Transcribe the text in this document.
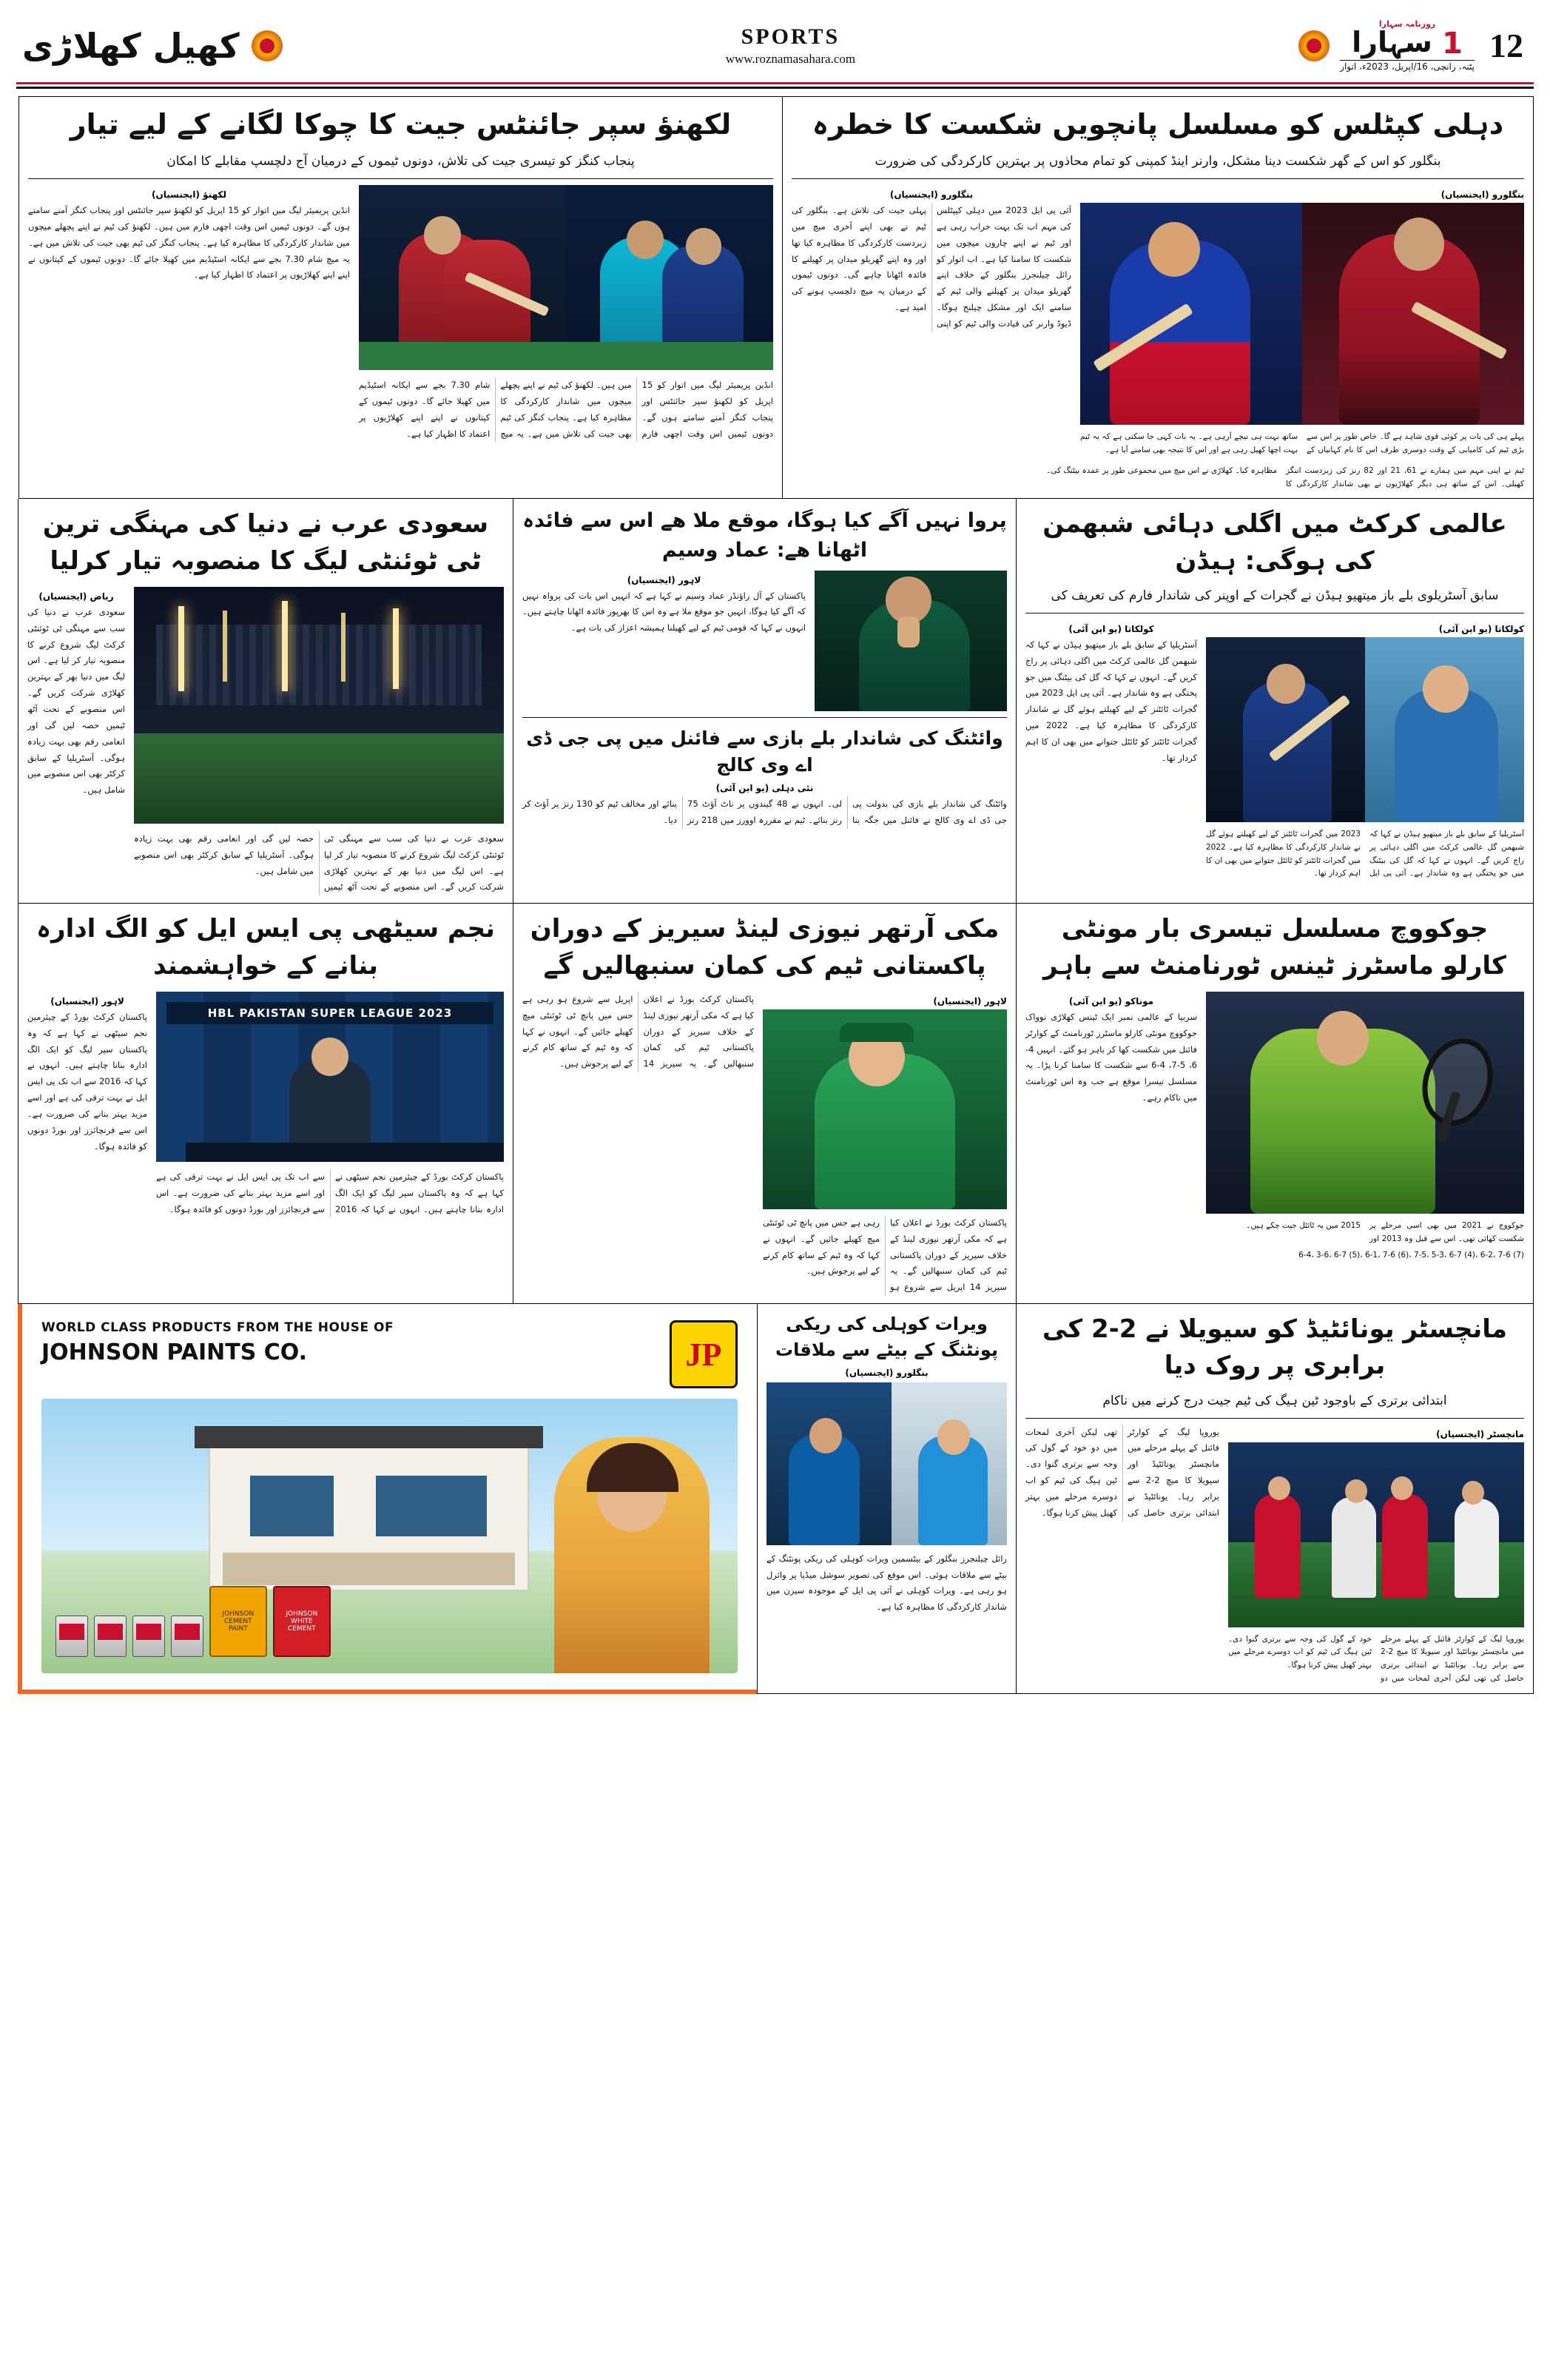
12
روزنامہ سہارا
1 سہارا
پٹنہ، رانچی، 16/اپریل، 2023ء، اتوار
SPORTS
www.roznamasahara.com
کھیل کھلاڑی
دہلی کپٹلس کو مسلسل پانچویں شکست کا خطرہ
بنگلور کو اس کے گھر شکست دینا مشکل، وارنر اینڈ کمپنی کو تمام محاذوں پر بہترین کارکردگی کی ضرورت
بنگلورو (ایجنسیاں)
پہلے ہی کی بات پر کوئی قوی شاہد ہے گا۔ خاص طور پر اس سے بڑی ٹیم کی کامیابی کے وقت دوسری طرف اس کا نام کہانیاں کے ساتھ بہت ہی نیچے آرہی ہے۔ یہ بات کہی جا سکتی ہے کہ یہ ٹیم بہت اچھا کھیل رہی ہے اور اس کا نتیجہ بھی سامنے آیا ہے۔
بنگلورو (ایجنسیاں)
آئی پی ایل 2023 میں دہلی کیپٹلس کی مہم اب تک بہت خراب رہی ہے اور ٹیم نے اپنے چاروں میچوں میں شکست کا سامنا کیا ہے۔ اب اتوار کو رائل چیلنجرز بنگلور کے خلاف اپنے گھریلو میدان پر کھیلنے والی ٹیم کے سامنے ایک اور مشکل چیلنج ہوگا۔ ڈیوڈ وارنر کی قیادت والی ٹیم کو اپنی پہلی جیت کی تلاش ہے۔ بنگلور کی ٹیم نے بھی اپنے آخری میچ میں زبردست کارکردگی کا مظاہرہ کیا تھا اور وہ اپنے گھریلو میدان پر کھیلنے کا فائدہ اٹھانا چاہے گی۔ دونوں ٹیموں کے درمیان یہ میچ دلچسپ ہونے کی امید ہے۔
ٹیم نے اپنی مہم میں ہمارے نے 61، 21 اور 82 رنز کی زبردست اننگز کھیلی۔ اس کے ساتھ ہی دیگر کھلاڑیوں نے بھی شاندار کارکردگی کا مظاہرہ کیا۔ کھلاڑی نے اس میچ میں مجموعی طور پر عمدہ بیٹنگ کی۔
لکھنؤ سپر جائنٹس جیت کا چوکا لگانے کے لیے تیار
پنجاب کنگز کو تیسری جیت کی تلاش، دونوں ٹیموں کے درمیان آج دلچسپ مقابلے کا امکان
انڈین پریمیئر لیگ میں اتوار کو 15 اپریل کو لکھنؤ سپر جائنٹس اور پنجاب کنگز آمنے سامنے ہوں گے۔ دونوں ٹیمیں اس وقت اچھی فارم میں ہیں۔ لکھنؤ کی ٹیم نے اپنے پچھلے میچوں میں شاندار کارکردگی کا مظاہرہ کیا ہے۔ پنجاب کنگز کی ٹیم بھی جیت کی تلاش میں ہے۔ یہ میچ شام 7.30 بجے سے ایکانہ اسٹیڈیم میں کھیلا جائے گا۔ دونوں ٹیموں کے کپتانوں نے اپنے اپنے کھلاڑیوں پر اعتماد کا اظہار کیا ہے۔
لکھنؤ (ایجنسیاں)
انڈین پریمیئر لیگ میں اتوار کو 15 اپریل کو لکھنؤ سپر جائنٹس اور پنجاب کنگز آمنے سامنے ہوں گے۔ دونوں ٹیمیں اس وقت اچھی فارم میں ہیں۔ لکھنؤ کی ٹیم نے اپنے پچھلے میچوں میں شاندار کارکردگی کا مظاہرہ کیا ہے۔ پنجاب کنگز کی ٹیم بھی جیت کی تلاش میں ہے۔ یہ میچ شام 7.30 بجے سے ایکانہ اسٹیڈیم میں کھیلا جائے گا۔ دونوں ٹیموں کے کپتانوں نے اپنے اپنے کھلاڑیوں پر اعتماد کا اظہار کیا ہے۔
عالمی کرکٹ میں اگلی دہائی شبھمن کی ہوگی: ہیڈن
سابق آسٹریلوی بلے باز میتھیو ہیڈن نے گجرات کے اوپنر کی شاندار فارم کی تعریف کی
کولکاتا (یو این آئی)
آسٹریلیا کے سابق بلے باز میتھیو ہیڈن نے کہا کہ شبھمن گل عالمی کرکٹ میں اگلی دہائی پر راج کریں گے۔ انہوں نے کہا کہ گل کی بیٹنگ میں جو پختگی ہے وہ شاندار ہے۔ آئی پی ایل 2023 میں گجرات ٹائٹنز کے لیے کھیلتے ہوئے گل نے شاندار کارکردگی کا مظاہرہ کیا ہے۔ 2022 میں گجرات ٹائٹنز کو ٹائٹل جتوانے میں بھی ان کا اہم کردار تھا۔
کولکاتا (یو این آئی)
آسٹریلیا کے سابق بلے باز میتھیو ہیڈن نے کہا کہ شبھمن گل عالمی کرکٹ میں اگلی دہائی پر راج کریں گے۔ انہوں نے کہا کہ گل کی بیٹنگ میں جو پختگی ہے وہ شاندار ہے۔ آئی پی ایل 2023 میں گجرات ٹائٹنز کے لیے کھیلتے ہوئے گل نے شاندار کارکردگی کا مظاہرہ کیا ہے۔ 2022 میں گجرات ٹائٹنز کو ٹائٹل جتوانے میں بھی ان کا اہم کردار تھا۔
پروا نہیں آگے کیا ہوگا، موقع ملا ھے اس سے فائدہ اٹھانا ھے: عماد وسیم
لاہور (ایجنسیاں)
پاکستان کے آل راؤنڈر عماد وسیم نے کہا ہے کہ انہیں اس بات کی پرواہ نہیں کہ آگے کیا ہوگا، انہیں جو موقع ملا ہے وہ اس کا بھرپور فائدہ اٹھانا چاہتے ہیں۔ انہوں نے کہا کہ قومی ٹیم کے لیے کھیلنا ہمیشہ اعزاز کی بات ہے۔
وائٹنگ کی شاندار بلے بازی سے فائنل میں پی جی ڈی اے وی کالج
نئی دہلی (یو این آئی)
وائٹنگ کی شاندار بلے بازی کی بدولت پی جی ڈی اے وی کالج نے فائنل میں جگہ بنا لی۔ انہوں نے 48 گیندوں پر ناٹ آؤٹ 75 رنز بنائے۔ ٹیم نے مقررہ اوورز میں 218 رنز بنائے اور مخالف ٹیم کو 130 رنز پر آؤٹ کر دیا۔
سعودی عرب نے دنیا کی مہنگی ترین ٹی ٹوئنٹی لیگ کا منصوبہ تیار کرلیا
سعودی عرب نے دنیا کی سب سے مہنگی ٹی ٹوئنٹی کرکٹ لیگ شروع کرنے کا منصوبہ تیار کر لیا ہے۔ اس لیگ میں دنیا بھر کے بہترین کھلاڑی شرکت کریں گے۔ اس منصوبے کے تحت آٹھ ٹیمیں حصہ لیں گی اور انعامی رقم بھی بہت زیادہ ہوگی۔ آسٹریلیا کے سابق کرکٹر بھی اس منصوبے میں شامل ہیں۔
ریاض (ایجنسیاں)
سعودی عرب نے دنیا کی سب سے مہنگی ٹی ٹوئنٹی کرکٹ لیگ شروع کرنے کا منصوبہ تیار کر لیا ہے۔ اس لیگ میں دنیا بھر کے بہترین کھلاڑی شرکت کریں گے۔ اس منصوبے کے تحت آٹھ ٹیمیں حصہ لیں گی اور انعامی رقم بھی بہت زیادہ ہوگی۔ آسٹریلیا کے سابق کرکٹر بھی اس منصوبے میں شامل ہیں۔
جوکووچ مسلسل تیسری بار مونٹی کارلو ماسٹرز ٹینس ٹورنامنٹ سے باہر
جوکووچ نے 2021 میں بھی اسی مرحلے پر شکست کھائی تھی۔ اس سے قبل وہ 2013 اور 2015 میں یہ ٹائٹل جیت چکے ہیں۔
6-4، 3-6، 6-7 (5)، 6-1، 7-6 (6)، 7-5، 5-3، 6-7 (4)، 6-2، 7-6 (7)
موناکو (یو این آئی)
سربیا کے عالمی نمبر ایک ٹینس کھلاڑی نوواک جوکووچ مونٹی کارلو ماسٹرز ٹورنامنٹ کے کوارٹر فائنل میں شکست کھا کر باہر ہو گئے۔ انہیں 4-6، 5-7، 4-6 سے شکست کا سامنا کرنا پڑا۔ یہ مسلسل تیسرا موقع ہے جب وہ اس ٹورنامنٹ میں ناکام رہے۔
مکی آرتھر نیوزی لینڈ سیریز کے دوران پاکستانی ٹیم کی کمان سنبھالیں گے
لاہور (ایجنسیاں)
پاکستان کرکٹ بورڈ نے اعلان کیا ہے کہ مکی آرتھر نیوزی لینڈ کے خلاف سیریز کے دوران پاکستانی ٹیم کی کمان سنبھالیں گے۔ یہ سیریز 14 اپریل سے شروع ہو رہی ہے جس میں پانچ ٹی ٹوئنٹی میچ کھیلے جائیں گے۔ انہوں نے کہا کہ وہ ٹیم کے ساتھ کام کرنے کے لیے پرجوش ہیں۔
پاکستان کرکٹ بورڈ نے اعلان کیا ہے کہ مکی آرتھر نیوزی لینڈ کے خلاف سیریز کے دوران پاکستانی ٹیم کی کمان سنبھالیں گے۔ یہ سیریز 14 اپریل سے شروع ہو رہی ہے جس میں پانچ ٹی ٹوئنٹی میچ کھیلے جائیں گے۔ انہوں نے کہا کہ وہ ٹیم کے ساتھ کام کرنے کے لیے پرجوش ہیں۔
نجم سیٹھی پی ایس ایل کو الگ ادارہ بنانے کے خواہشمند
HBL PAKISTAN SUPER LEAGUE 2023
پاکستان کرکٹ بورڈ کے چیئرمین نجم سیٹھی نے کہا ہے کہ وہ پاکستان سپر لیگ کو ایک الگ ادارہ بنانا چاہتے ہیں۔ انہوں نے کہا کہ 2016 سے اب تک پی ایس ایل نے بہت ترقی کی ہے اور اسے مزید بہتر بنانے کی ضرورت ہے۔ اس سے فرنچائزز اور بورڈ دونوں کو فائدہ ہوگا۔
لاہور (ایجنسیاں)
پاکستان کرکٹ بورڈ کے چیئرمین نجم سیٹھی نے کہا ہے کہ وہ پاکستان سپر لیگ کو ایک الگ ادارہ بنانا چاہتے ہیں۔ انہوں نے کہا کہ 2016 سے اب تک پی ایس ایل نے بہت ترقی کی ہے اور اسے مزید بہتر بنانے کی ضرورت ہے۔ اس سے فرنچائزز اور بورڈ دونوں کو فائدہ ہوگا۔
مانچسٹر یونائٹیڈ کو سیویلا نے 2-2 کی برابری پر روک دیا
ابتدائی برتری کے باوجود ٹین ہیگ کی ٹیم جیت درج کرنے میں ناکام
مانچسٹر (ایجنسیاں)
یوروپا لیگ کے کوارٹر فائنل کے پہلے مرحلے میں مانچسٹر یونائٹیڈ اور سیویلا کا میچ 2-2 سے برابر رہا۔ یونائٹیڈ نے ابتدائی برتری حاصل کی تھی لیکن آخری لمحات میں دو خود کے گول کی وجہ سے برتری گنوا دی۔ ٹین ہیگ کی ٹیم کو اب دوسرے مرحلے میں بہتر کھیل پیش کرنا ہوگا۔
یوروپا لیگ کے کوارٹر فائنل کے پہلے مرحلے میں مانچسٹر یونائٹیڈ اور سیویلا کا میچ 2-2 سے برابر رہا۔ یونائٹیڈ نے ابتدائی برتری حاصل کی تھی لیکن آخری لمحات میں دو خود کے گول کی وجہ سے برتری گنوا دی۔ ٹین ہیگ کی ٹیم کو اب دوسرے مرحلے میں بہتر کھیل پیش کرنا ہوگا۔
ویرات کوہلی کی ریکی پونٹنگ کے بیٹے سے ملاقات
بنگلورو (ایجنسیاں)
رائل چیلنجرز بنگلور کے بیٹسمین ویرات کوہلی کی ریکی پونٹنگ کے بیٹے سے ملاقات ہوئی۔ اس موقع کی تصویر سوشل میڈیا پر وائرل ہو رہی ہے۔ ویرات کوہلی نے آئی پی ایل کے موجودہ سیزن میں شاندار کارکردگی کا مظاہرہ کیا ہے۔
WORLD CLASS PRODUCTS FROM THE HOUSE OF
JOHNSON PAINTS CO.	JP
JOHNSON WHITE CEMENT
JOHNSON CEMENT PAINT
